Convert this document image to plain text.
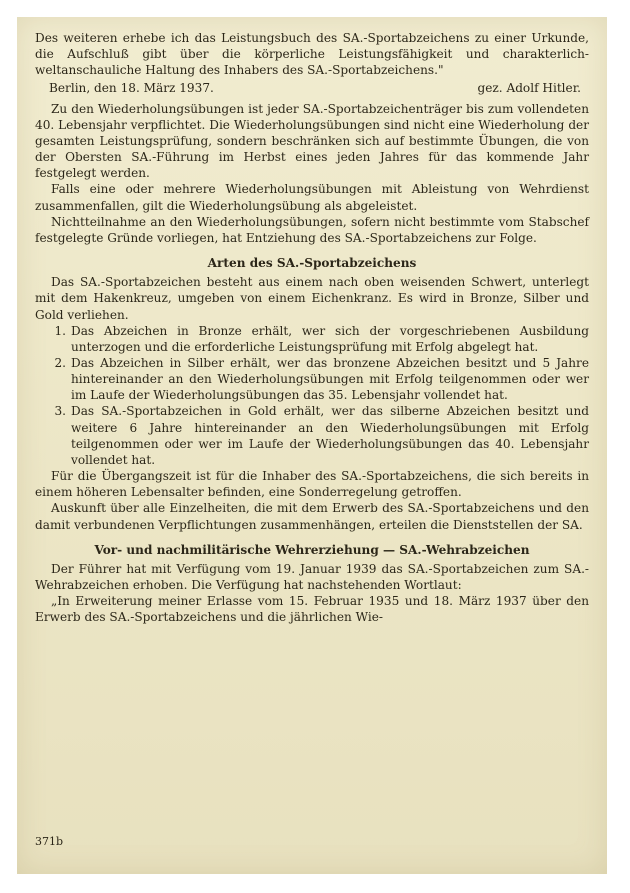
Des weiteren erhebe ich das Leistungsbuch des SA.-Sportabzeichens zu einer Urkunde, die Aufschluß gibt über die körperliche Leistungsfähigkeit und charakterlich-weltanschauliche Haltung des Inhabers des SA.-Sportabzeichens."

Berlin, den 18. März 1937.	gez. Adolf Hitler.

Zu den Wiederholungsübungen ist jeder SA.-Sportabzeichenträger bis zum vollendeten 40. Lebensjahr verpflichtet. Die Wiederholungsübungen sind nicht eine Wiederholung der gesamten Leistungsprüfung, sondern beschränken sich auf bestimmte Übungen, die von der Obersten SA.-Führung im Herbst eines jeden Jahres für das kommende Jahr festgelegt werden.

Falls eine oder mehrere Wiederholungsübungen mit Ableistung von Wehrdienst zusammenfallen, gilt die Wiederholungsübung als abgeleistet.

Nichtteilnahme an den Wiederholungsübungen, sofern nicht bestimmte vom Stabschef festgelegte Gründe vorliegen, hat Entziehung des SA.-Sportabzeichens zur Folge.

Arten des SA.-Sportabzeichens

Das SA.-Sportabzeichen besteht aus einem nach oben weisenden Schwert, unterlegt mit dem Hakenkreuz, umgeben von einem Eichenkranz. Es wird in Bronze, Silber und Gold verliehen.

1. Das Abzeichen in Bronze erhält, wer sich der vorgeschriebenen Ausbildung unterzogen und die erforderliche Leistungsprüfung mit Erfolg abgelegt hat.
2. Das Abzeichen in Silber erhält, wer das bronzene Abzeichen besitzt und 5 Jahre hintereinander an den Wiederholungsübungen mit Erfolg teilgenommen oder wer im Laufe der Wiederholungsübungen das 35. Lebensjahr vollendet hat.
3. Das SA.-Sportabzeichen in Gold erhält, wer das silberne Abzeichen besitzt und weitere 6 Jahre hintereinander an den Wiederholungsübungen mit Erfolg teilgenommen oder wer im Laufe der Wiederholungsübungen das 40. Lebensjahr vollendet hat.

Für die Übergangszeit ist für die Inhaber des SA.-Sportabzeichens, die sich bereits in einem höheren Lebensalter befinden, eine Sonderregelung getroffen.

Auskunft über alle Einzelheiten, die mit dem Erwerb des SA.-Sportabzeichens und den damit verbundenen Verpflichtungen zusammenhängen, erteilen die Dienststellen der SA.

Vor- und nachmilitärische Wehrerziehung — SA.-Wehrabzeichen

Der Führer hat mit Verfügung vom 19. Januar 1939 das SA.-Sportabzeichen zum SA.-Wehrabzeichen erhoben. Die Verfügung hat nachstehenden Wortlaut:

„In Erweiterung meiner Erlasse vom 15. Februar 1935 und 18. März 1937 über den Erwerb des SA.-Sportabzeichens und die jährlichen Wie-

371b
